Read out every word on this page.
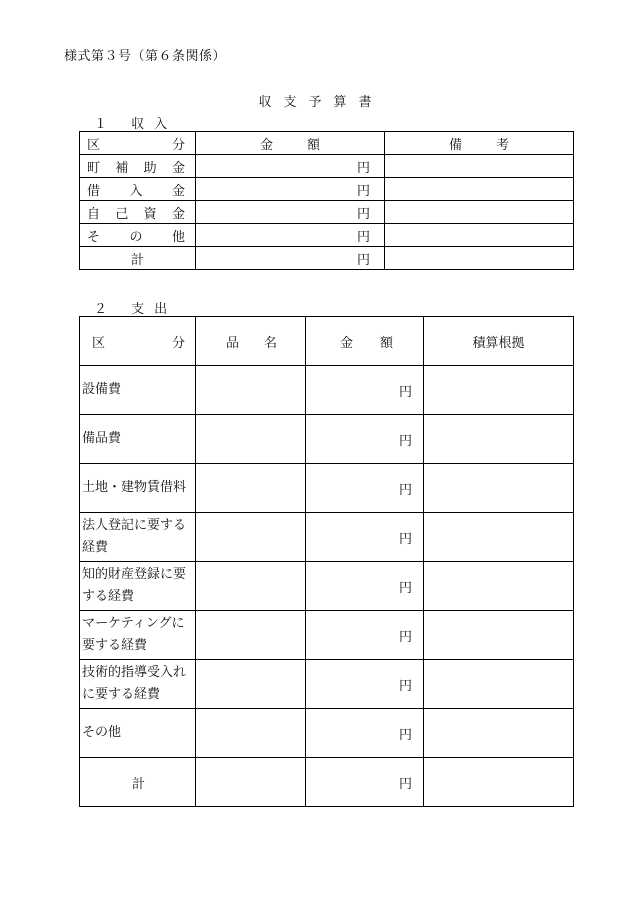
様式第３号（第６条関係）
収支予算書
１ 収入
区 分	金 額	備 考

町 補 助 金	円	

借 入 金	円	

自 己 資 金	円	

そ の 他	円	
計	円	
２ 支出
区 分	品 名	金 額	積算根拠
設備費		円	
備品費		円	
土地・建物賃借料		円	
法人登記に要する経費		円	
知的財産登録に要する経費		円	
マーケティングに要する経費		円	
技術的指導受入れに要する経費		円	
その他		円	
計		円	
